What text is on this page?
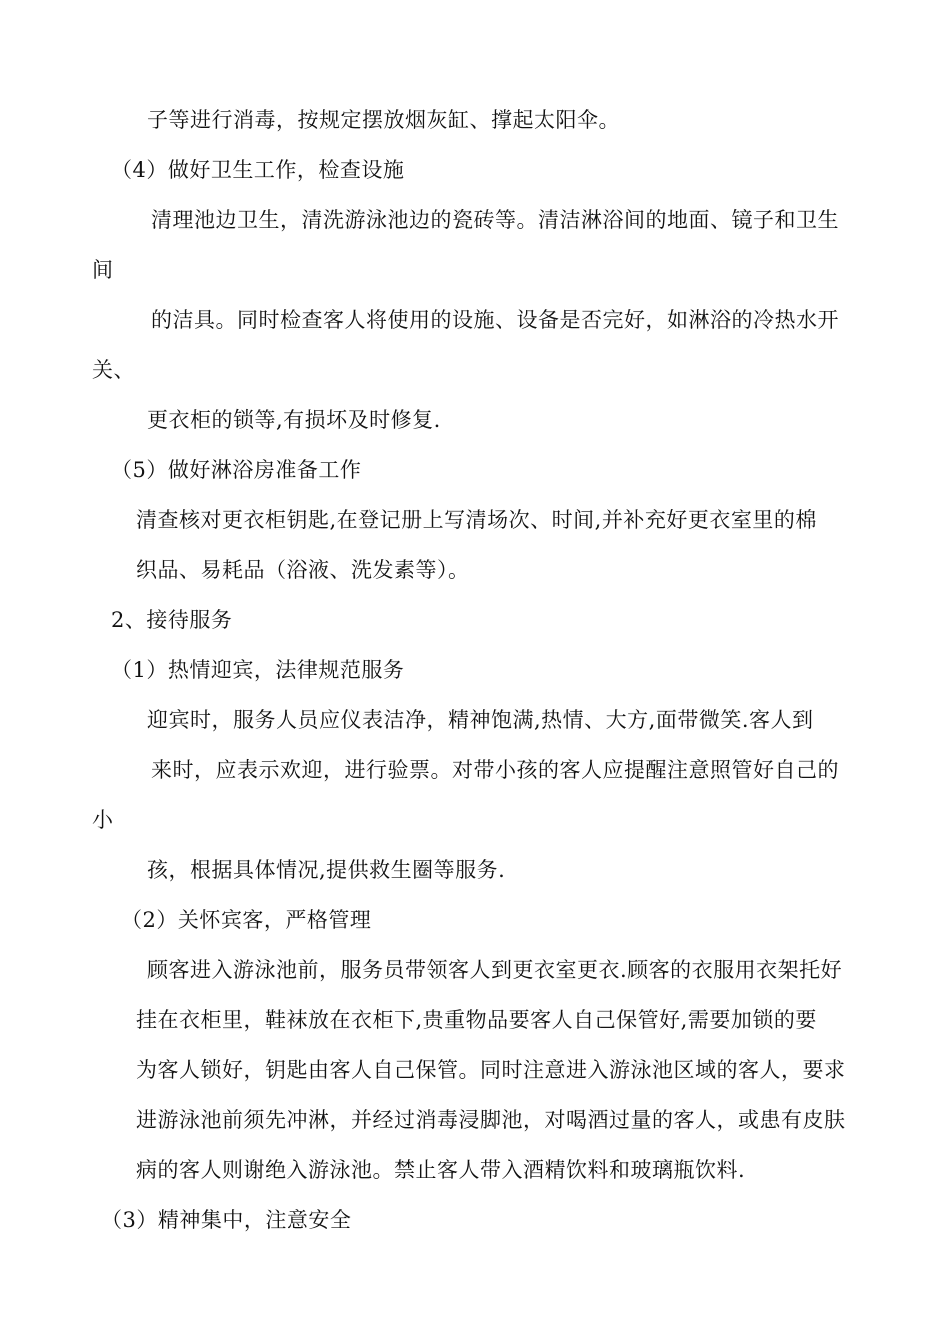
子等进行消毒，按规定摆放烟灰缸、撑起太阳伞。
（4）做好卫生工作，检查设施
清理池边卫生，清洗游泳池边的瓷砖等。清洁淋浴间的地面、镜子和卫生
间
的洁具。同时检查客人将使用的设施、设备是否完好，如淋浴的冷热水开
关、
更衣柜的锁等,有损坏及时修复.
（5）做好淋浴房准备工作
清查核对更衣柜钥匙,在登记册上写清场次、时间,并补充好更衣室里的棉
织品、易耗品（浴液、洗发素等）。
2、接待服务
（1）热情迎宾，法律规范服务
迎宾时，服务人员应仪表洁净，精神饱满,热情、大方,面带微笑.客人到
来时，应表示欢迎，进行验票。对带小孩的客人应提醒注意照管好自己的
小
孩，根据具体情况,提供救生圈等服务.
（2）关怀宾客，严格管理
顾客进入游泳池前，服务员带领客人到更衣室更衣.顾客的衣服用衣架托好
挂在衣柜里，鞋袜放在衣柜下,贵重物品要客人自己保管好,需要加锁的要
为客人锁好，钥匙由客人自己保管。同时注意进入游泳池区域的客人，要求
进游泳池前须先冲淋，并经过消毒浸脚池，对喝酒过量的客人，或患有皮肤
病的客人则谢绝入游泳池。禁止客人带入酒精饮料和玻璃瓶饮料.
（3）精神集中，注意安全
